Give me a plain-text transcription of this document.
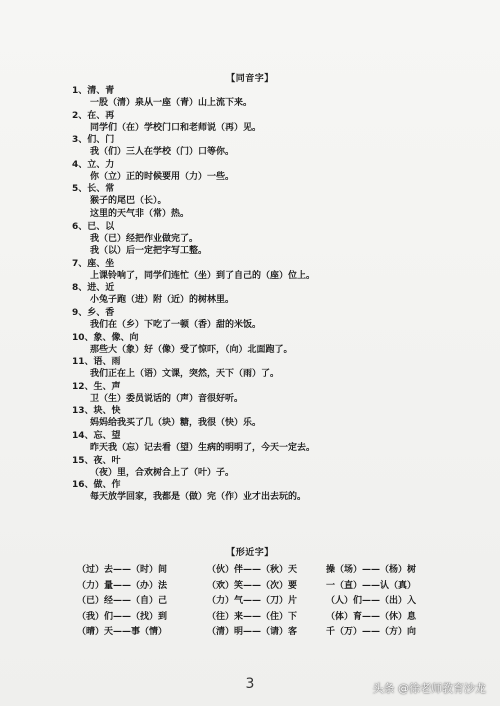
【同音字】
1、清、青
一股（清）泉从一座（青）山上流下来。
2、在、再
同学们（在）学校门口和老师说（再）见。
3、们、门
我（们）三人在学校（门）口等你。
4、立、力
你（立）正的时候要用（力）一些。
5、长、常
猴子的尾巴（长）。
这里的天气非（常）热。
6、已、以
我（已）经把作业做完了。
我（以）后一定把字写工整。
7、座、坐
上课铃响了，同学们连忙（坐）到了自己的（座）位上。
8、进、近
小兔子跑（进）附（近）的树林里。
9、乡、香
我们在（乡）下吃了一顿（香）甜的米饭。
10、象、像、向
那些大（象）好（像）受了惊吓，（向）北面跑了。
11、语、雨
我们正在上（语）文课，突然，天下（雨）了。
12、生、声
卫（生）委员说话的（声）音很好听。
13、块、快
妈妈给我买了几（块）糖，我很（快）乐。
14、忘、望
昨天我（忘）记去看（望）生病的明明了，今天一定去。
15、夜、叶
（夜）里，合欢树合上了（叶）子。
16、做、作
每天放学回家，我都是（做）完（作）业才出去玩的。
【形近字】
（过）去——（时）间	（伙）伴——（秋）天	操（场）——（杨）树
（力）量——（办）法	（欢）笑——（次）要	一（直）——认（真）
（已）经——（自）己	（力）气——（刀）片	（人）们——（出）入
（我）们——（找）到	（往）来——（住）下	（体）育——（休）息
（晴）天——事（情）	（清）明——（请）客	千（万）——（方）向
3	头条 @徐老师教育沙龙
